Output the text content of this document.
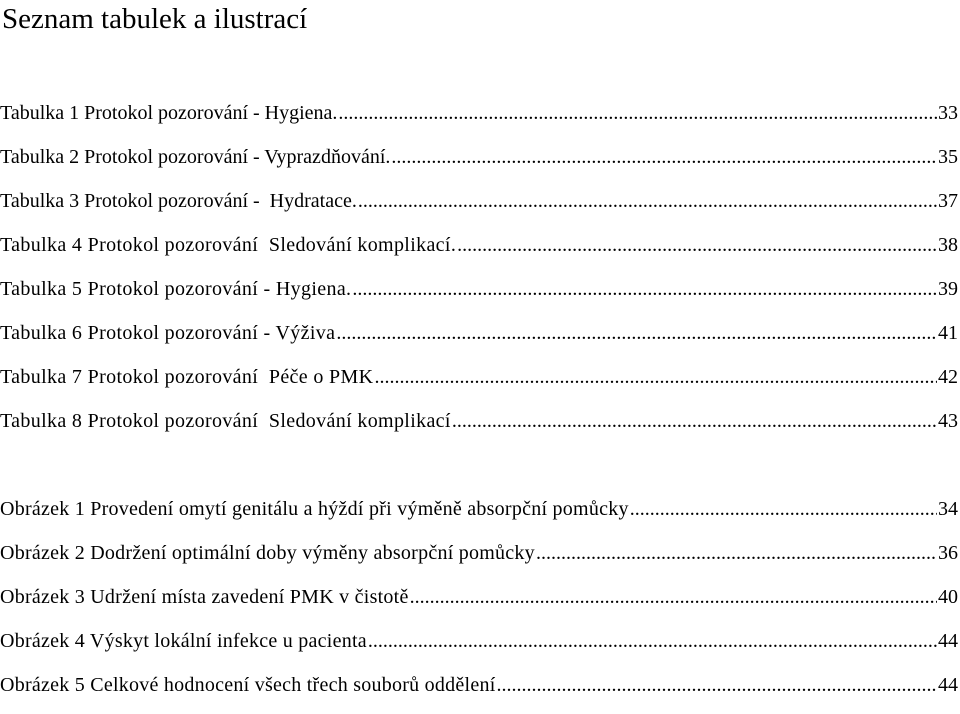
Seznam tabulek a ilustrací
Tabulka 1 Protokol pozorování - Hygiena. .....	33
Tabulka 2 Protokol pozorování - Vyprazdňování. .....	35
Tabulka 3 Protokol pozorování -  Hydratace. .....	37
Tabulka 4 Protokol pozorování  Sledování komplikací. .....	38
Tabulka 5 Protokol pozorování - Hygiena. .....	39
Tabulka 6 Protokol pozorování - Výživa .....	41
Tabulka 7 Protokol pozorování  Péče o PMK .....	42
Tabulka 8 Protokol pozorování  Sledování komplikací .....	43
Obrázek 1 Provedení omytí genitálu a hýždí při výměně absorpční pomůcky .....	34
Obrázek 2 Dodržení optimální doby výměny absorpční pomůcky .....	36
Obrázek 3 Udržení místa zavedení PMK v čistotě .....	40
Obrázek 4 Výskyt lokální infekce u pacienta .....	44
Obrázek 5 Celkové hodnocení všech třech souborů oddělení .....	44
